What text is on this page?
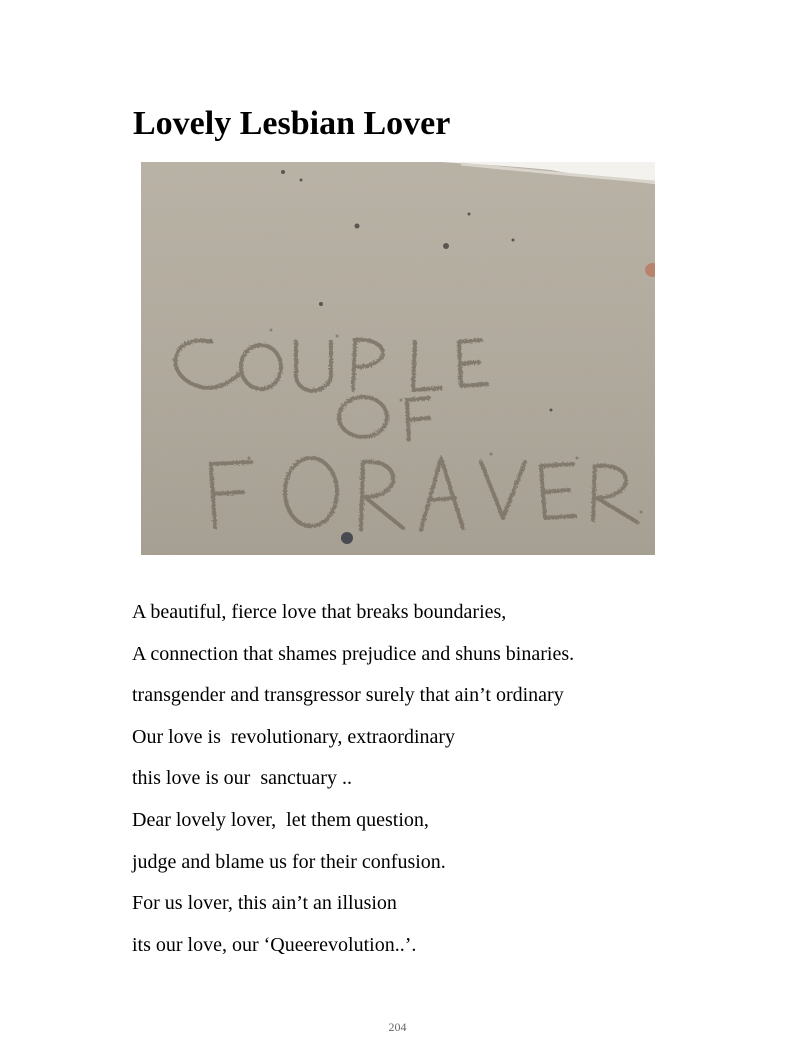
Lovely Lesbian Lover
A beautiful, fierce love that breaks boundaries,
A connection that shames prejudice and shuns binaries.
transgender and transgressor surely that ain’t ordinary
Our love is  revolutionary, extraordinary
this love is our  sanctuary ..
Dear lovely lover,  let them question,
judge and blame us for their confusion.
For us lover, this ain’t an illusion
its our love, our ‘Queerevolution..’.
204
